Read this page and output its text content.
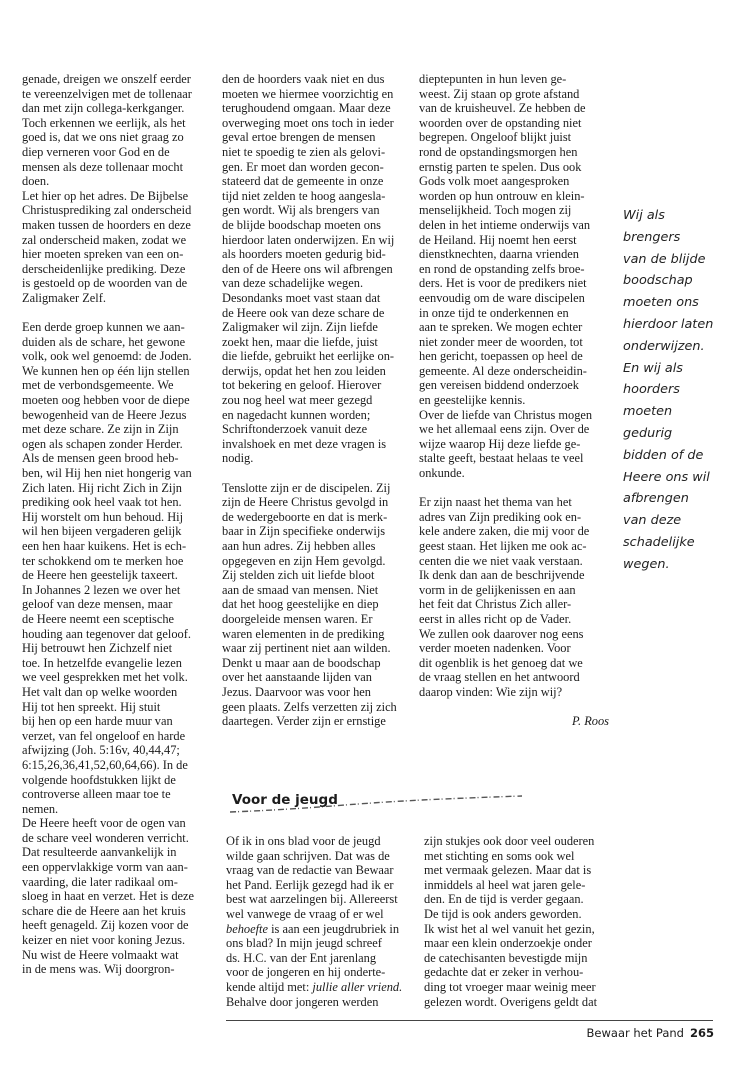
genade, dreigen we onszelf eerder
te vereenzelvigen met de tollenaar
dan met zijn collega-kerkganger.
Toch erkennen we eerlijk, als het
goed is, dat we ons niet graag zo
diep verneren voor God en de
mensen als deze tollenaar mocht
doen.
Let hier op het adres. De Bijbelse
Christusprediking zal onderscheid
maken tussen de hoorders en deze
zal onderscheid maken, zodat we
hier moeten spreken van een on-
derscheidenlijke prediking. Deze
is gestoeld op de woorden van de
Zaligmaker Zelf.

Een derde groep kunnen we aan-
duiden als de schare, het gewone
volk, ook wel genoemd: de Joden.
We kunnen hen op één lijn stellen
met de verbondsgemeente. We
moeten oog hebben voor de diepe
bewogenheid van de Heere Jezus
met deze schare. Ze zijn in Zijn
ogen als schapen zonder Herder.
Als de mensen geen brood heb-
ben, wil Hij hen niet hongerig van
Zich laten. Hij richt Zich in Zijn
prediking ook heel vaak tot hen.
Hij worstelt om hun behoud. Hij
wil hen bijeen vergaderen gelijk
een hen haar kuikens. Het is ech-
ter schokkend om te merken hoe
de Heere hen geestelijk taxeert.
In Johannes 2 lezen we over het
geloof van deze mensen, maar
de Heere neemt een sceptische
houding aan tegenover dat geloof.
Hij betrouwt hen Zichzelf niet
toe. In hetzelfde evangelie lezen
we veel gesprekken met het volk.
Het valt dan op welke woorden
Hij tot hen spreekt. Hij stuit
bij hen op een harde muur van
verzet, van fel ongeloof en harde
afwijzing (Joh. 5:16v, 40,44,47;
6:15,26,36,41,52,60,64,66). In de
volgende hoofdstukken lijkt de
controverse alleen maar toe te
nemen.
De Heere heeft voor de ogen van
de schare veel wonderen verricht.
Dat resulteerde aanvankelijk in
een oppervlakkige vorm van aan-
vaarding, die later radikaal om-
sloeg in haat en verzet. Het is deze
schare die de Heere aan het kruis
heeft genageld. Zij kozen voor de
keizer en niet voor koning Jezus.
Nu wist de Heere volmaakt wat
in de mens was. Wij doorgron-

den de hoorders vaak niet en dus
moeten we hiermee voorzichtig en
terughoudend omgaan. Maar deze
overweging moet ons toch in ieder
geval ertoe brengen de mensen
niet te spoedig te zien als gelovi-
gen. Er moet dan worden gecon-
stateerd dat de gemeente in onze
tijd niet zelden te hoog aangesla-
gen wordt. Wij als brengers van
de blijde boodschap moeten ons
hierdoor laten onderwijzen. En wij
als hoorders moeten gedurig bid-
den of de Heere ons wil afbrengen
van deze schadelijke wegen.
Desondanks moet vast staan dat
de Heere ook van deze schare de
Zaligmaker wil zijn. Zijn liefde
zoekt hen, maar die liefde, juist
die liefde, gebruikt het eerlijke on-
derwijs, opdat het hen zou leiden
tot bekering en geloof. Hierover
zou nog heel wat meer gezegd
en nagedacht kunnen worden;
Schriftonderzoek vanuit deze
invalshoek en met deze vragen is
nodig.

Tenslotte zijn er de discipelen. Zij
zijn de Heere Christus gevolgd in
de wedergeboorte en dat is merk-
baar in Zijn specifieke onderwijs
aan hun adres. Zij hebben alles
opgegeven en zijn Hem gevolgd.
Zij stelden zich uit liefde bloot
aan de smaad van mensen. Niet
dat het hoog geestelijke en diep
doorgeleide mensen waren. Er
waren elementen in de prediking
waar zij pertinent niet aan wilden.
Denkt u maar aan de boodschap
over het aanstaande lijden van
Jezus. Daarvoor was voor hen
geen plaats. Zelfs verzetten zij zich
daartegen. Verder zijn er ernstige

dieptepunten in hun leven ge-
weest. Zij staan op grote afstand
van de kruisheuvel. Ze hebben de
woorden over de opstanding niet
begrepen. Ongeloof blijkt juist
rond de opstandingsmorgen hen
ernstig parten te spelen. Dus ook
Gods volk moet aangesproken
worden op hun ontrouw en klein-
menselijkheid. Toch mogen zij
delen in het intieme onderwijs van
de Heiland. Hij noemt hen eerst
dienstknechten, daarna vrienden
en rond de opstanding zelfs broe-
ders. Het is voor de predikers niet
eenvoudig om de ware discipelen
in onze tijd te onderkennen en
aan te spreken. We mogen echter
niet zonder meer de woorden, tot
hen gericht, toepassen op heel de
gemeente. Al deze onderscheidin-
gen vereisen biddend onderzoek
en geestelijke kennis.
Over de liefde van Christus mogen
we het allemaal eens zijn. Over de
wijze waarop Hij deze liefde ge-
stalte geeft, bestaat helaas te veel
onkunde.

Er zijn naast het thema van het
adres van Zijn prediking ook en-
kele andere zaken, die mij voor de
geest staan. Het lijken me ook ac-
centen die we niet vaak verstaan.
Ik denk dan aan de beschrijvende
vorm in de gelijkenissen en aan
het feit dat Christus Zich aller-
eerst in alles richt op de Vader.
We zullen ook daarover nog eens
verder moeten nadenken. Voor
dit ogenblik is het genoeg dat we
de vraag stellen en het antwoord
daarop vinden: Wie zijn wij?

P. Roos
Wij als
brengers
van de blijde
boodschap
moeten ons
hierdoor laten
onderwijzen.
En wij als
hoorders
moeten
gedurig
bidden of de
Heere ons wil
afbrengen
van deze
schadelijke
wegen.
Voor de jeugd
Of ik in ons blad voor de jeugd
wilde gaan schrijven. Dat was de
vraag van de redactie van Bewaar
het Pand. Eerlijk gezegd had ik er
best wat aarzelingen bij. Allereerst
wel vanwege de vraag of er wel
behoefte is aan een jeugdrubriek in
ons blad? In mijn jeugd schreef
ds. H.C. van der Ent jarenlang
voor de jongeren en hij onderte-
kende altijd met: jullie aller vriend.
Behalve door jongeren werden
zijn stukjes ook door veel ouderen
met stichting en soms ook wel
met vermaak gelezen. Maar dat is
inmiddels al heel wat jaren gele-
den. En de tijd is verder gegaan.
De tijd is ook anders geworden.
Ik wist het al wel vanuit het gezin,
maar een klein onderzoekje onder
de catechisanten bevestigde mijn
gedachte dat er zeker in verhou-
ding tot vroeger maar weinig meer
gelezen wordt. Overigens geldt dat
Bewaar het Pand 265
